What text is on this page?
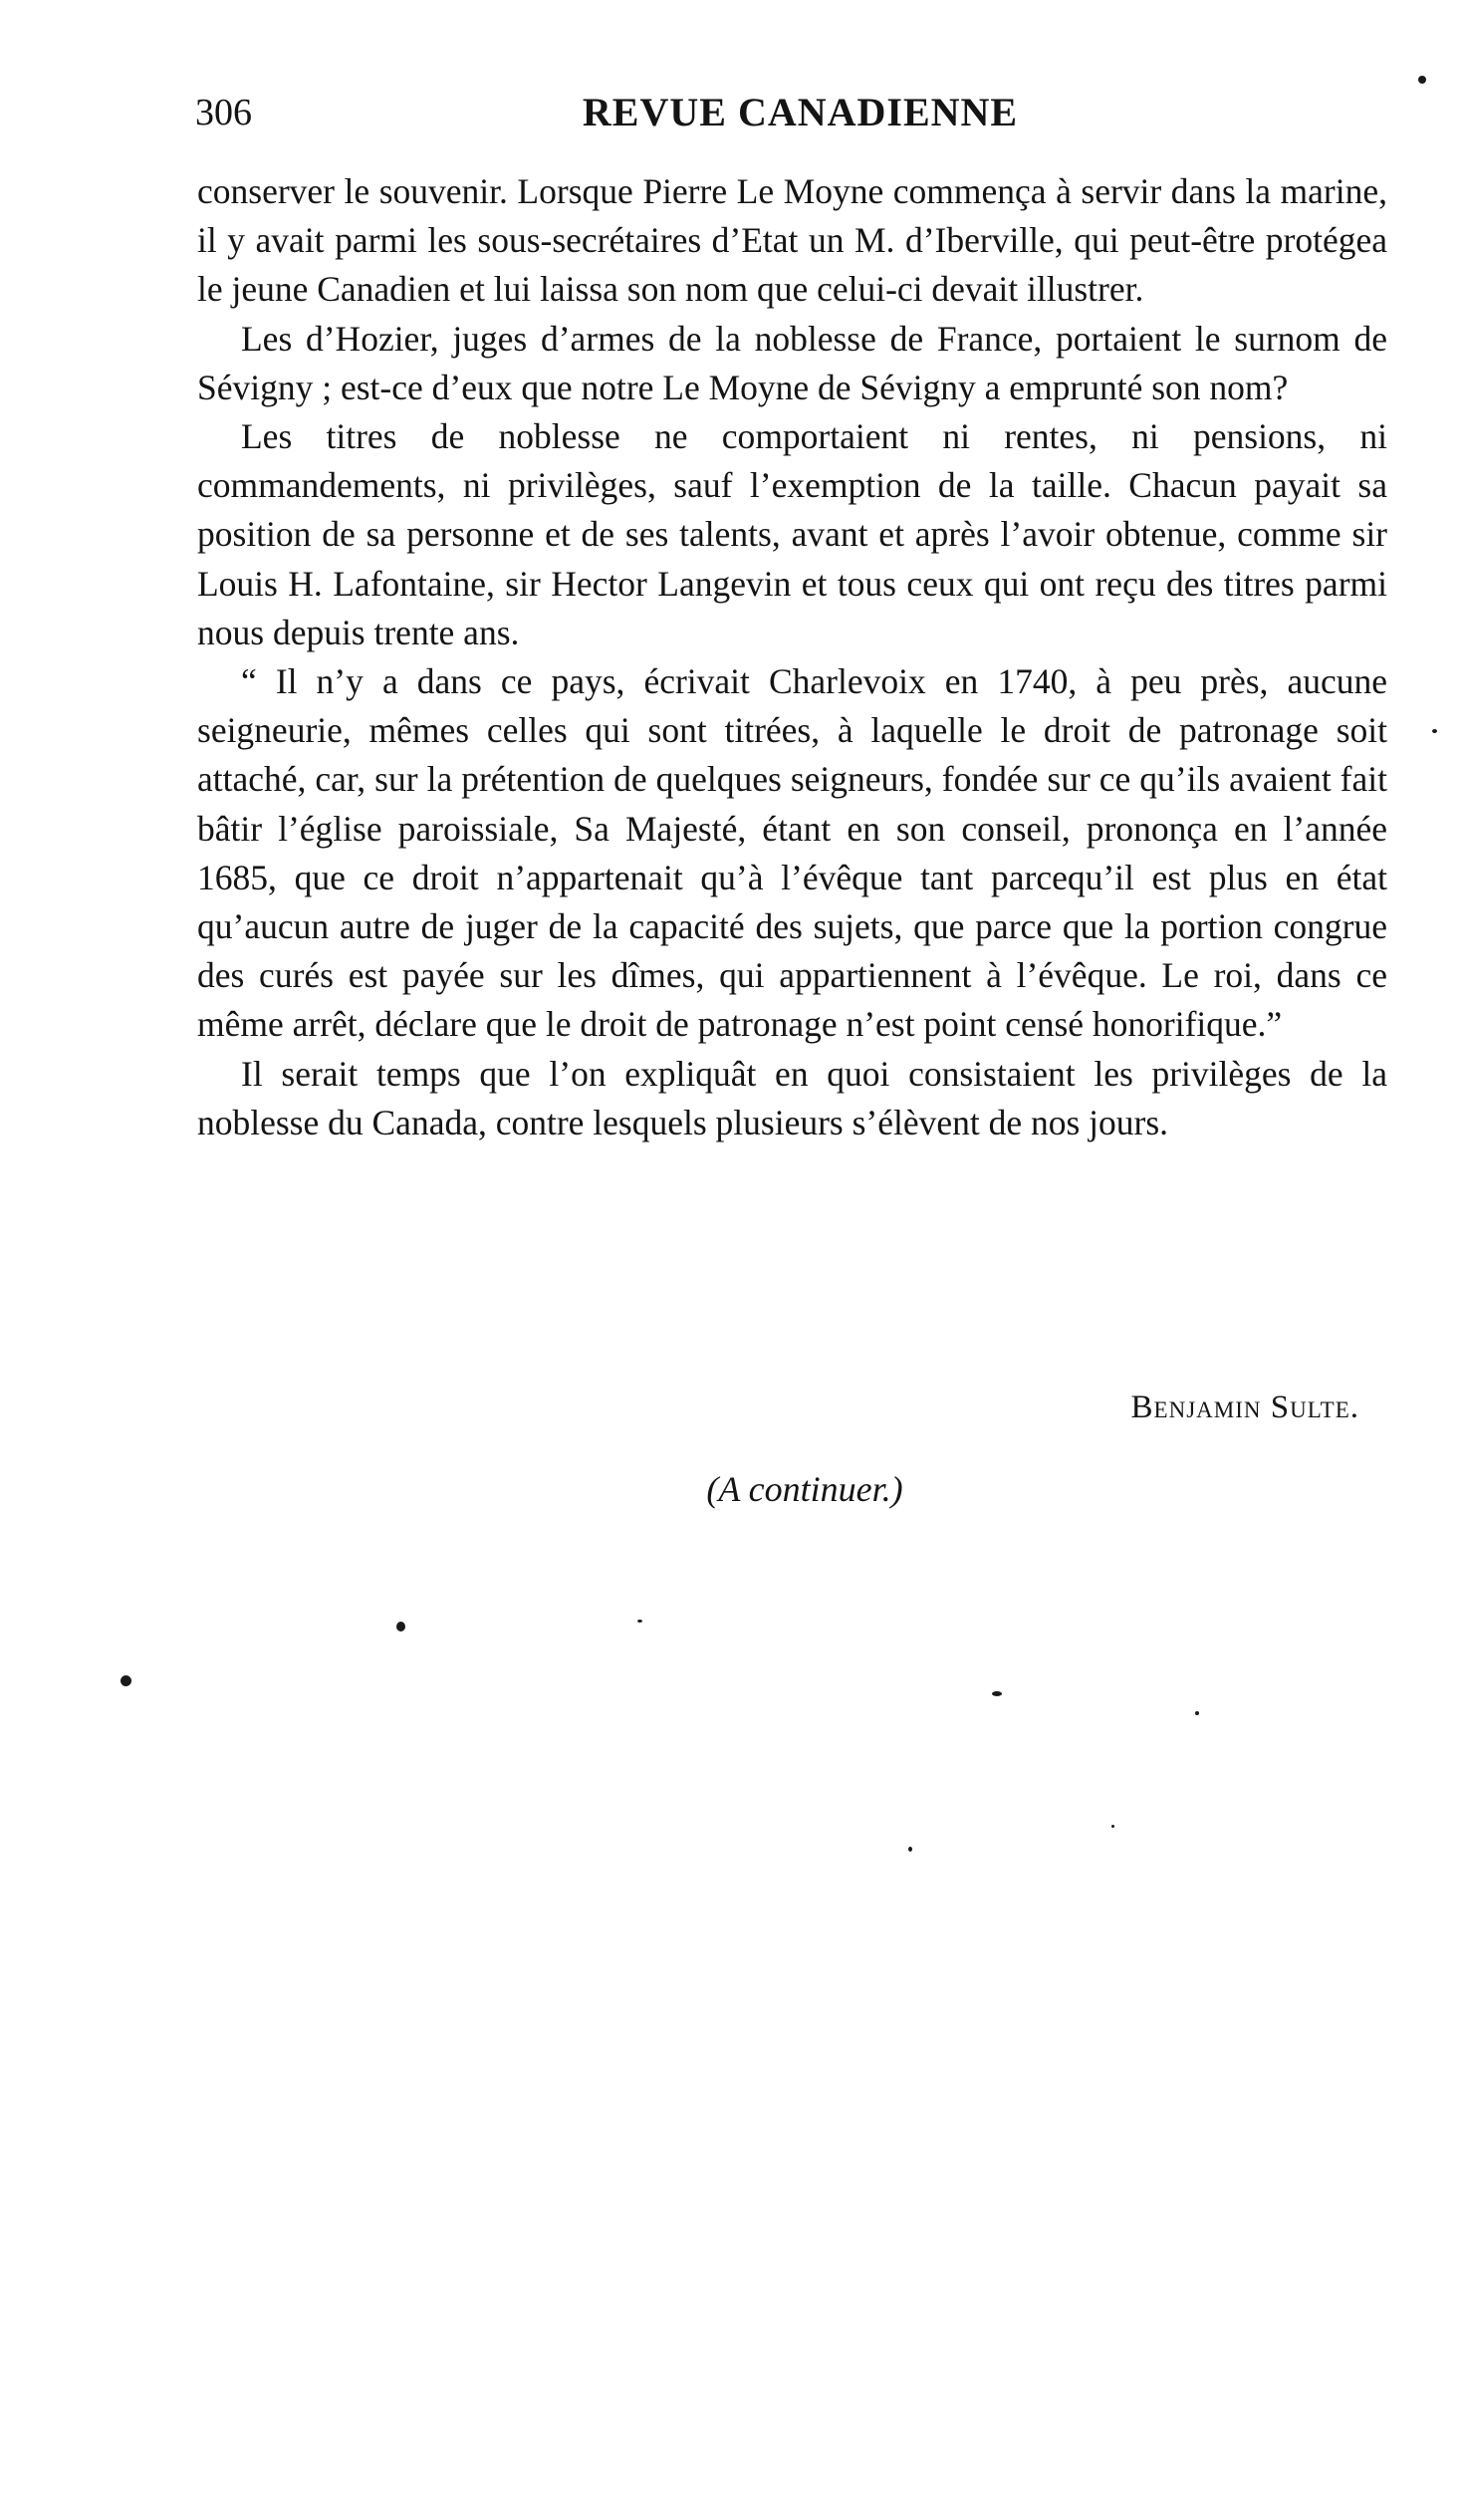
306	REVUE CANADIENNE

conserver le souvenir. Lorsque Pierre Le Moyne commença à servir dans la marine, il y avait parmi les sous-secrétaires d’Etat un M. d’Iberville, qui peut-être protégea le jeune Canadien et lui laissa son nom que celui-ci devait illustrer.

Les d’Hozier, juges d’armes de la noblesse de France, portaient le surnom de Sévigny ; est-ce d’eux que notre Le Moyne de Sévigny a emprunté son nom?

Les titres de noblesse ne comportaient ni rentes, ni pensions, ni commandements, ni privilèges, sauf l’exemption de la taille. Chacun payait sa position de sa personne et de ses talents, avant et après l’avoir obtenue, comme sir Louis H. Lafontaine, sir Hector Langevin et tous ceux qui ont reçu des titres parmi nous depuis trente ans.

“ Il n’y a dans ce pays, écrivait Charlevoix en 1740, à peu près, aucune seigneurie, mêmes celles qui sont titrées, à laquelle le droit de patronage soit attaché, car, sur la prétention de quelques seigneurs, fondée sur ce qu’ils avaient fait bâtir l’église paroissiale, Sa Majesté, étant en son conseil, prononça en l’année 1685, que ce droit n’appartenait qu’à l’évêque tant parcequ’il est plus en état qu’aucun autre de juger de la capacité des sujets, que parce que la portion congrue des curés est payée sur les dîmes, qui appartiennent à l’évêque. Le roi, dans ce même arrêt, déclare que le droit de patronage n’est point censé honorifique.”

Il serait temps que l’on expliquât en quoi consistaient les privilèges de la noblesse du Canada, contre lesquels plusieurs s’élèvent de nos jours.

Benjamin Sulte.
(A continuer.)
